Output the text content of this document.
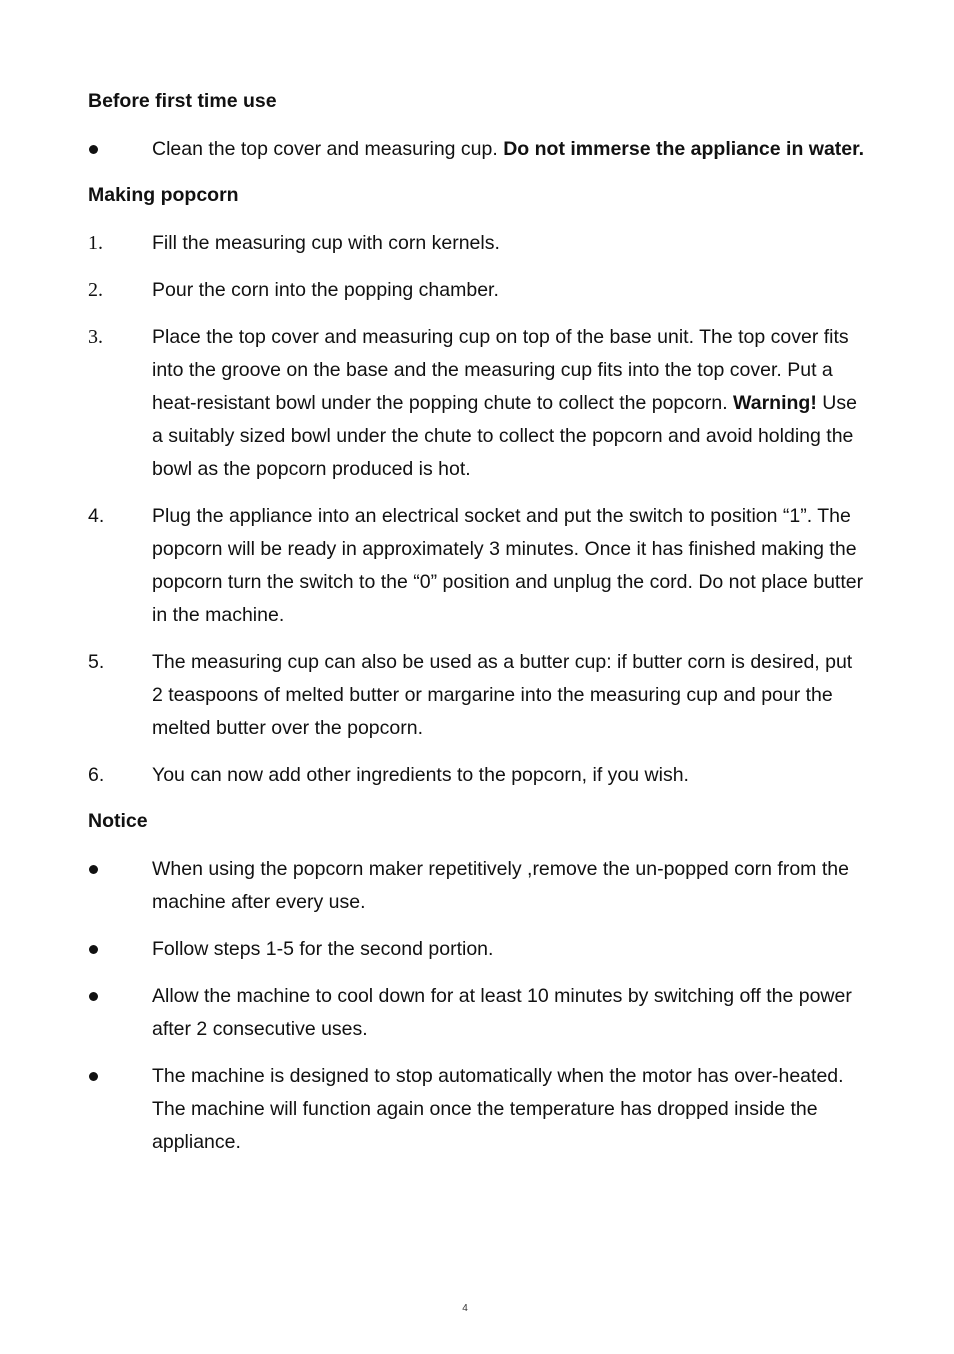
Before first time use
Clean the top cover and measuring cup. Do not immerse the appliance in water.
Making popcorn
1.	Fill the measuring cup with corn kernels.
2.	Pour the corn into the popping chamber.
3.	Place the top cover and measuring cup on top of the base unit. The top cover fits into the groove on the base and the measuring cup fits into the top cover. Put a heat-resistant bowl under the popping chute to collect the popcorn. Warning! Use a suitably sized bowl under the chute to collect the popcorn and avoid holding the bowl as the popcorn produced is hot.
4. Plug the appliance into an electrical socket and put the switch to position “1”. The popcorn will be ready in approximately 3 minutes. Once it has finished making the popcorn turn the switch to the “0” position and unplug the cord. Do not place butter in the machine.
5. The measuring cup can also be used as a butter cup: if butter corn is desired, put 2 teaspoons of melted butter or margarine into the measuring cup and pour the melted butter over the popcorn.
6. You can now add other ingredients to the popcorn, if you wish.
Notice
When using the popcorn maker repetitively ,remove the un-popped corn from the machine after every use.
Follow steps 1-5 for the second portion.
Allow the machine to cool down for at least 10 minutes by switching off the power after 2 consecutive uses.
The machine is designed to stop automatically when the motor has over-heated. The machine will function again once the temperature has dropped inside the appliance.
4
